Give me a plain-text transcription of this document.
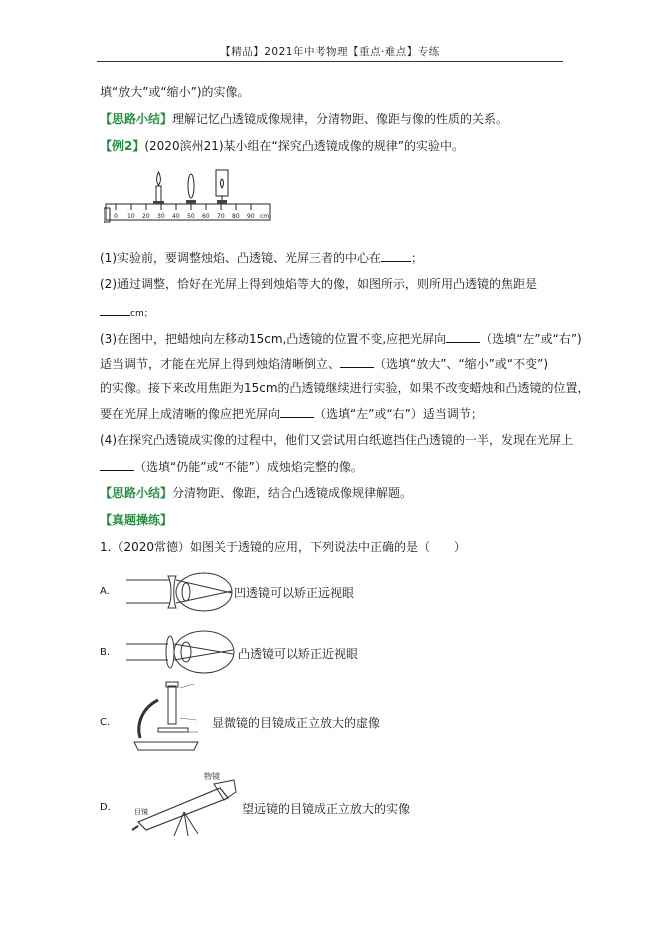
【精品】2021年中考物理【重点·难点】专练
填“放大”或“缩小”)的实像。
【思路小结】理解记忆凸透镜成像规律，分清物距、像距与像的性质的关系。
【例2】(2020滨州21)某小组在“探究凸透镜成像的规律”的实验中。
0 10 20 30 40 50 60 70 80 90 cm
(1)实验前，要调整烛焰、凸透镜、光屏三者的中心在	；
(2)通过调整，恰好在光屏上得到烛焰等大的像，如图所示，则所用凸透镜的焦距是
cm；
(3)在图中，把蜡烛向左移动15cm,凸透镜的位置不变,应把光屏向	（选填“左”或“右”)
适当调节，才能在光屏上得到烛焰清晰倒立、	（选填“放大”、“缩小”或“不变”)
的实像。接下来改用焦距为15cm的凸透镜继续进行实验，如果不改变蜡烛和凸透镜的位置，
要在光屏上成清晰的像应把光屏向	（选填“左”或“右”）适当调节；
(4)在探究凸透镜成实像的过程中，他们又尝试用白纸遮挡住凸透镜的一半，发现在光屏上
（选填“仍能”或“不能”）成烛焰完整的像。
【思路小结】分清物距、像距，结合凸透镜成像规律解题。
【真题操练】
1.（2020常德）如图关于透镜的应用，下列说法中正确的是（　　）
A.	凹透镜可以矫正远视眼
B.	凸透镜可以矫正近视眼
C.	显微镜的目镜成正立放大的虚像
D.
物镜
目镜	望远镜的目镜成正立放大的实像
